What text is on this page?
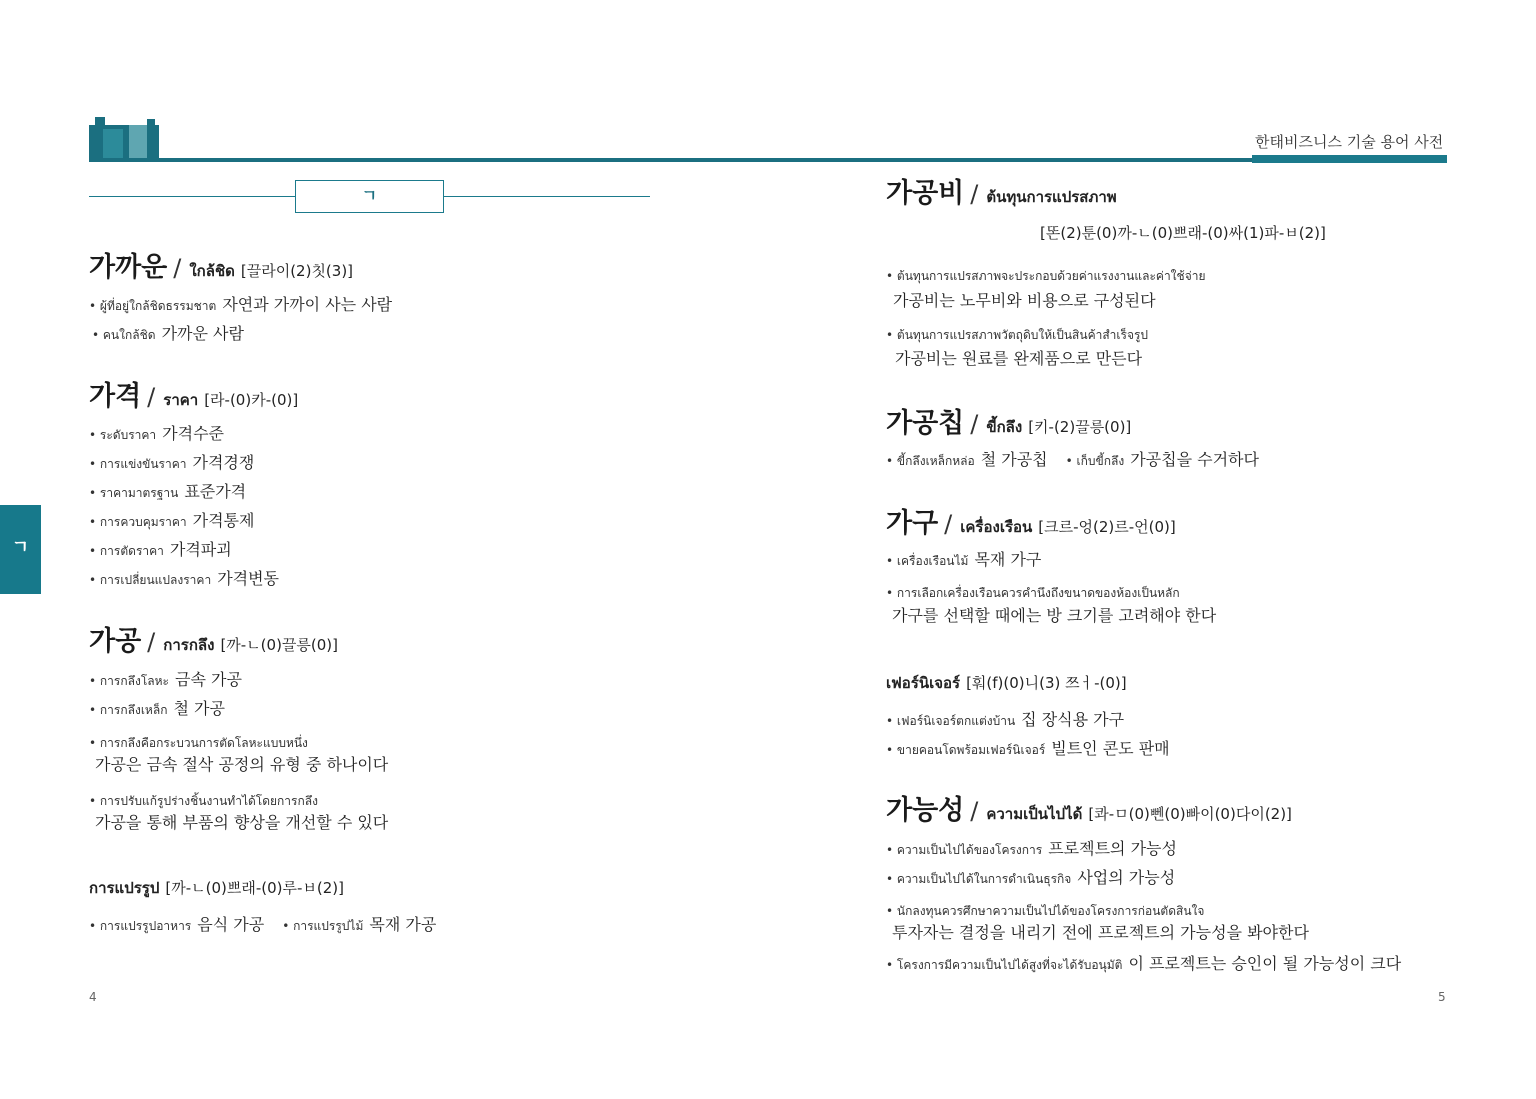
한태비즈니스 기술 용어 사전
ㄱ
ㄱ
가까운 / ใกล้ชิด [끌라이(2)칫(3)]
• ผู้ที่อยู่ใกล้ชิดธรรมชาต 자연과 가까이 사는 사람
• คนใกล้ชิด 가까운 사람
가격 / ราคา [라-(0)카-(0)]
• ระดับราคา 가격수준
• การแข่งขันราคา 가격경쟁
• ราคามาตรฐาน 표준가격
• การควบคุมราคา 가격통제
• การตัดราคา 가격파괴
• การเปลี่ยนแปลงราคา 가격변동
가공 / การกลึง [까-ㄴ(0)끌릉(0)]
• การกลึงโลหะ 금속 가공
• การกลึงเหล็ก 철 가공
• การกลึงคือกระบวนการตัดโลหะแบบหนึ่ง
가공은 금속 절삭 공정의 유형 중 하나이다
• การปรับแก้รูปร่างชิ้นงานทำได้โดยการกลึง
가공을 통해 부품의 향상을 개선할 수 있다
การแปรรูป [까-ㄴ(0)쁘래-(0)루-ㅂ(2)]
• การแปรรูปอาหาร 음식 가공 • การแปรรูปไม้ 목재 가공
4
가공비 / ต้นทุนการแปรสภาพ
[똔(2)툰(0)까-ㄴ(0)쁘래-(0)싸(1)파-ㅂ(2)]
• ต้นทุนการแปรสภาพจะประกอบด้วยค่าแรงงานและค่าใช้จ่าย
가공비는 노무비와 비용으로 구성된다
• ต้นทุนการแปรสภาพวัตถุดิบให้เป็นสินค้าสำเร็จรูป
가공비는 원료를 완제품으로 만든다
가공칩 / ขี้กลึง [키-(2)끌릉(0)]
• ขี้กลึงเหล็กหล่อ 철 가공칩 • เก็บขี้กลึง 가공칩을 수거하다
가구 / เครื่องเรือน [크르-엉(2)르-언(0)]
• เครื่องเรือนไม้ 목재 가구
• การเลือกเครื่องเรือนควรคำนึงถึงขนาดของห้องเป็นหลัก
가구를 선택할 때에는 방 크기를 고려해야 한다
เฟอร์นิเจอร์ [훠(f)(0)니(3) 쯔ㅓ-(0)]
• เฟอร์นิเจอร์ตกแต่งบ้าน 집 장식용 가구
• ขายคอนโดพร้อมเฟอร์นิเจอร์ 빌트인 콘도 판매
가능성 / ความเป็นไปได้ [콰-ㅁ(0)뻰(0)빠이(0)다이(2)]
• ความเป็นไปได้ของโครงการ 프로젝트의 가능성
• ความเป็นไปได้ในการดำเนินธุรกิจ 사업의 가능성
• นักลงทุนควรศึกษาความเป็นไปได้ของโครงการก่อนตัดสินใจ
투자자는 결정을 내리기 전에 프로젝트의 가능성을 봐야한다
• โครงการมีความเป็นไปได้สูงที่จะได้รับอนุมัติ 이 프로젝트는 승인이 될 가능성이 크다
5
